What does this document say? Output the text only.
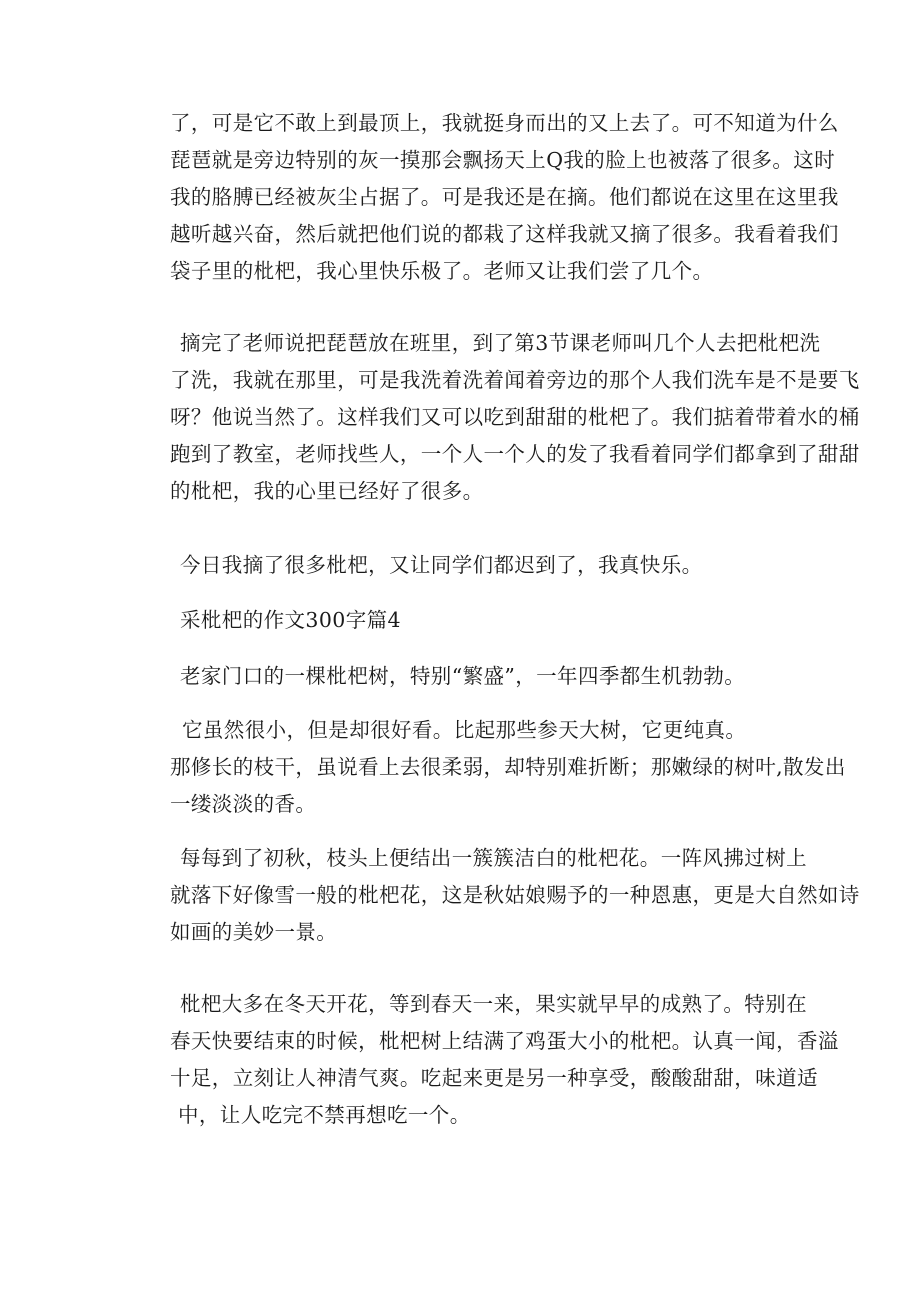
了，可是它不敢上到最顶上，我就挺身而出的又上去了。可不知道为什么
琵琶就是旁边特别的灰一摸那会飘扬天上Q我的脸上也被落了很多。这时
我的胳膊已经被灰尘占据了。可是我还是在摘。他们都说在这里在这里我
越听越兴奋，然后就把他们说的都栽了这样我就又摘了很多。我看着我们
袋子里的枇杷，我心里快乐极了。老师又让我们尝了几个。
摘完了老师说把琵琶放在班里，到了第3节课老师叫几个人去把枇杷洗
了洗，我就在那里，可是我洗着洗着闻着旁边的那个人我们洗车是不是要飞
呀？他说当然了。这样我们又可以吃到甜甜的枇杷了。我们掂着带着水的桶
跑到了教室，老师找些人，一个人一个人的发了我看着同学们都拿到了甜甜
的枇杷，我的心里已经好了很多。
今日我摘了很多枇杷，又让同学们都迟到了，我真快乐。
采枇杷的作文300字篇4
老家门口的一棵枇杷树，特别“繁盛”，一年四季都生机勃勃。
它虽然很小，但是却很好看。比起那些参天大树，它更纯真。
那修长的枝干，虽说看上去很柔弱，却特别难折断；那嫩绿的树叶,散发出
一缕淡淡的香。
每每到了初秋，枝头上便结出一簇簇洁白的枇杷花。一阵风拂过树上
就落下好像雪一般的枇杷花，这是秋姑娘赐予的一种恩惠，更是大自然如诗
如画的美妙一景。
枇杷大多在冬天开花，等到春天一来，果实就早早的成熟了。特别在
春天快要结束的时候，枇杷树上结满了鸡蛋大小的枇杷。认真一闻，香溢
十足，立刻让人神清气爽。吃起来更是另一种享受，酸酸甜甜，味道适
中，让人吃完不禁再想吃一个。
